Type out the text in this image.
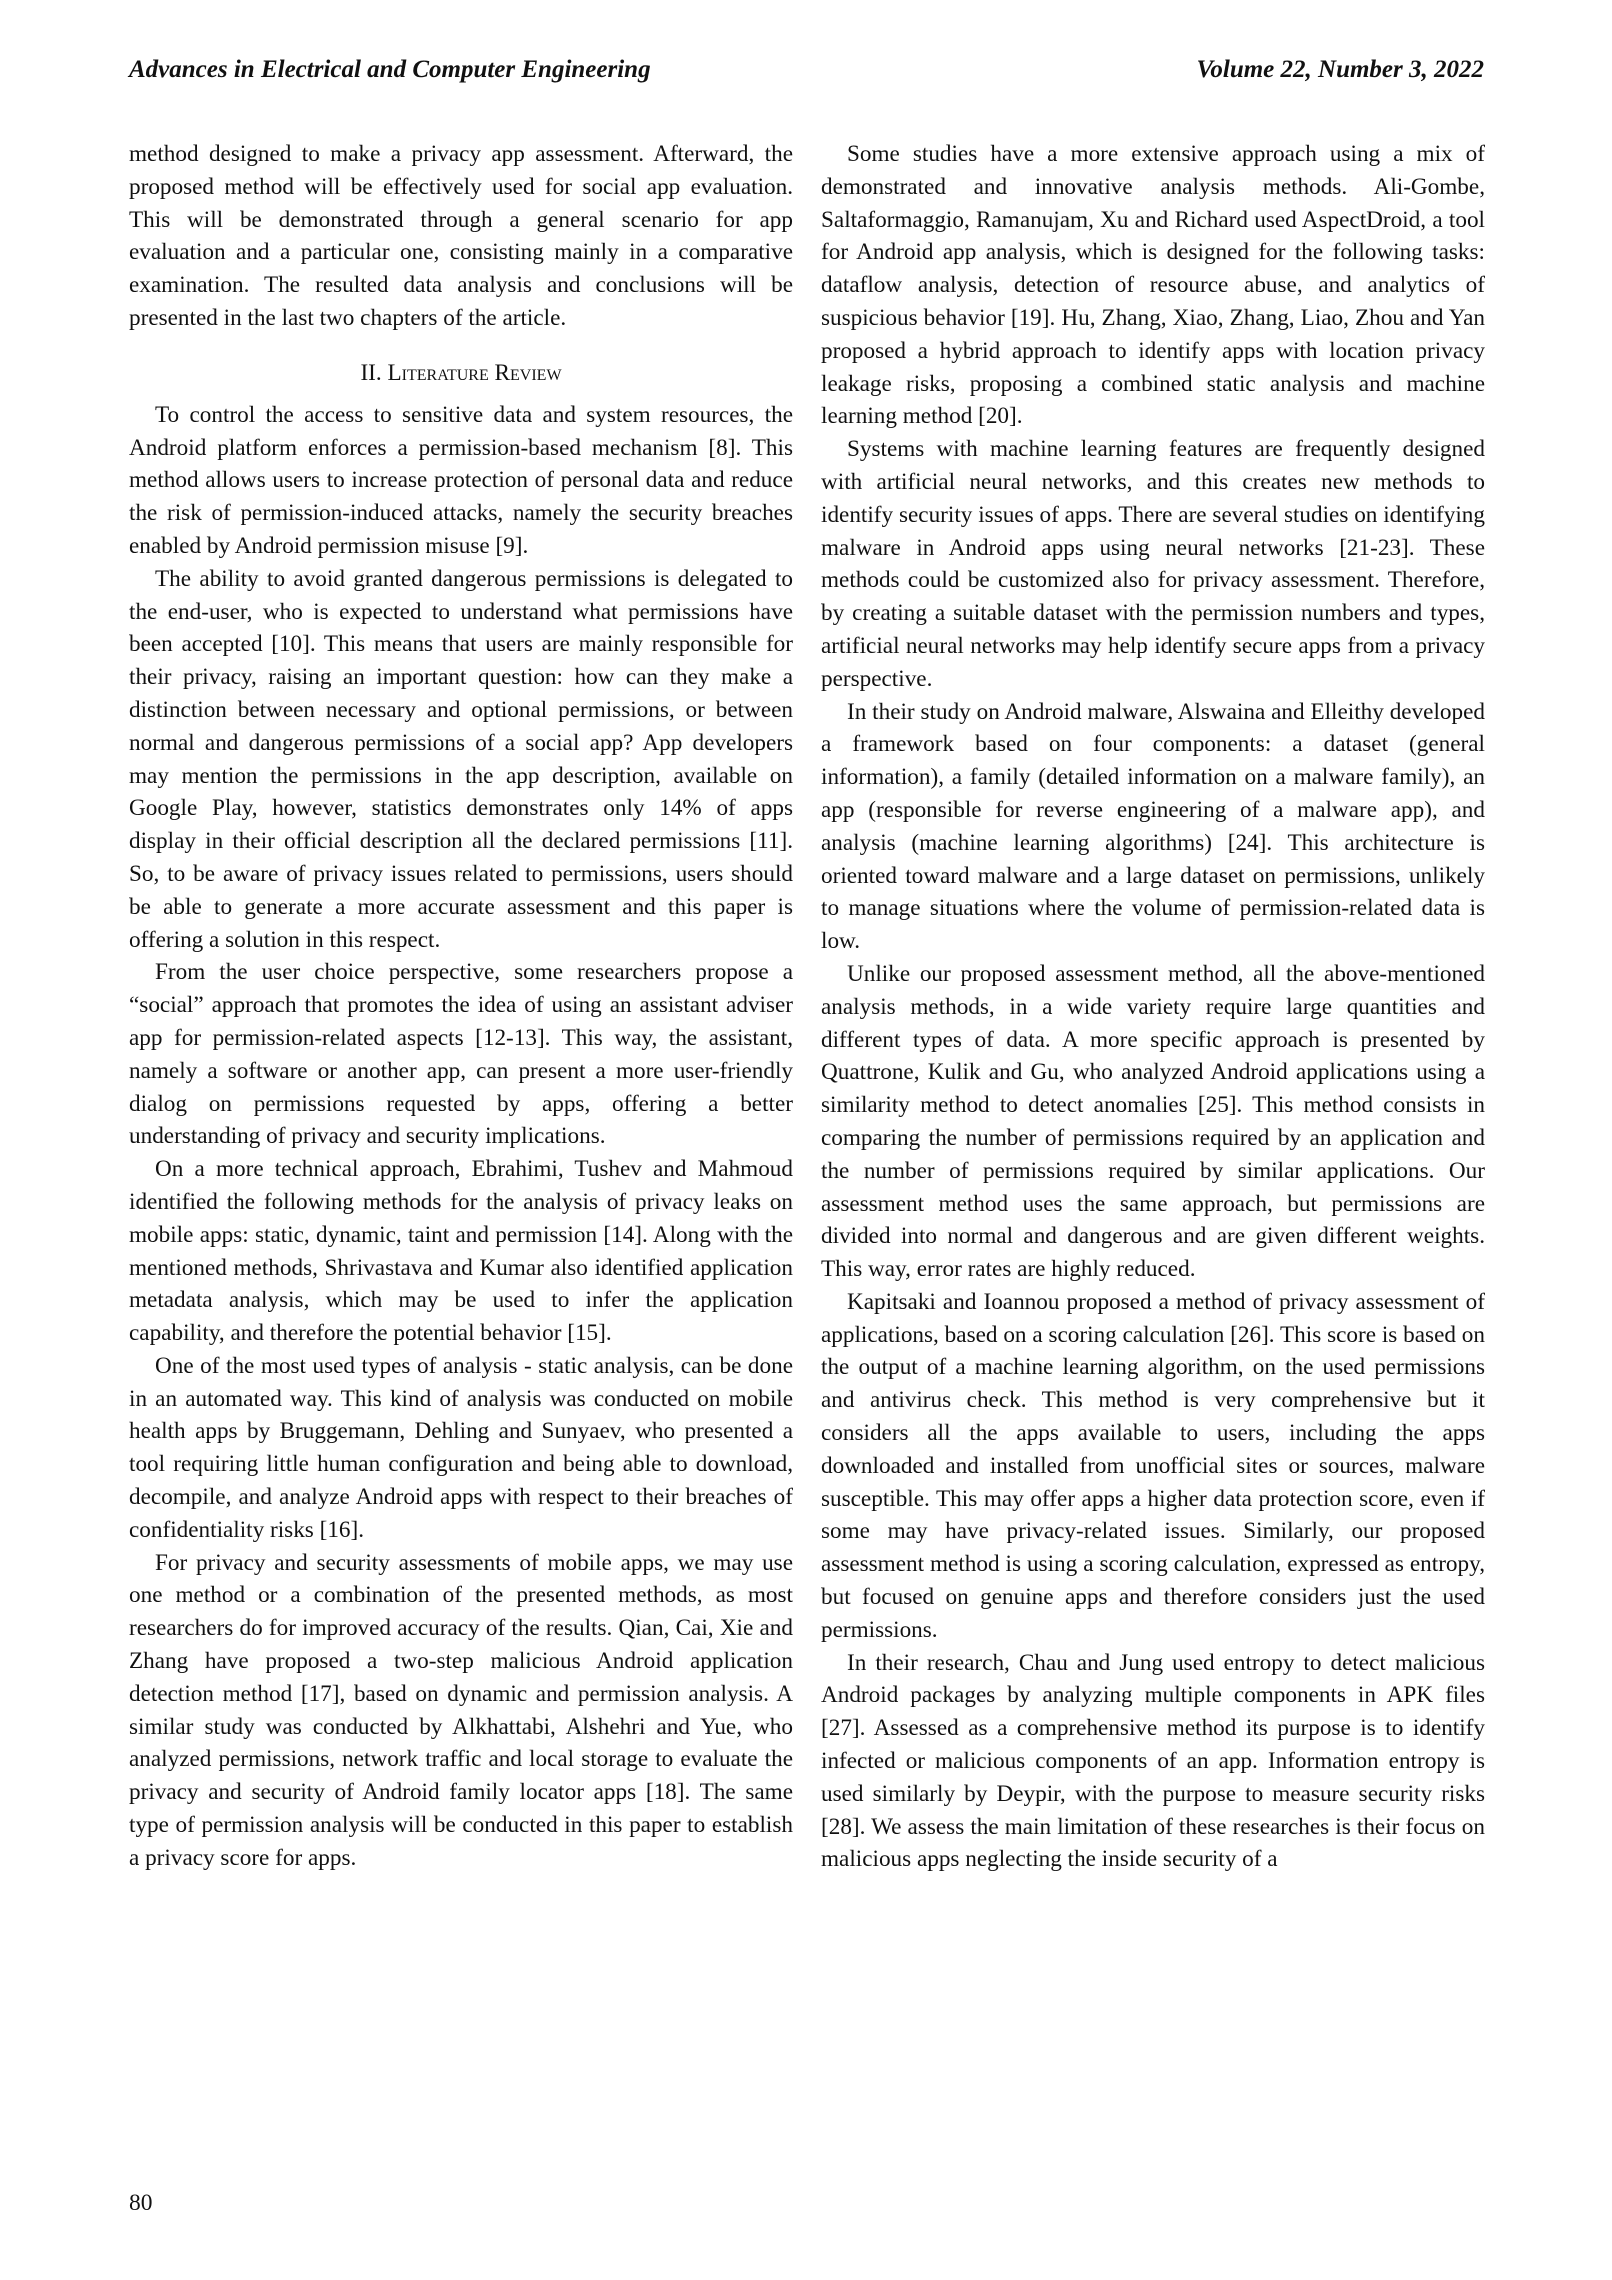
Advances in Electrical and Computer Engineering	Volume 22, Number 3, 2022

method designed to make a privacy app assessment. Afterward, the proposed method will be effectively used for social app evaluation. This will be demonstrated through a general scenario for app evaluation and a particular one, consisting mainly in a comparative examination. The resulted data analysis and conclusions will be presented in the last two chapters of the article.

II. Literature Review

To control the access to sensitive data and system resources, the Android platform enforces a permission-based mechanism [8]. This method allows users to increase protection of personal data and reduce the risk of permission-induced attacks, namely the security breaches enabled by Android permission misuse [9].

The ability to avoid granted dangerous permissions is delegated to the end-user, who is expected to understand what permissions have been accepted [10]. This means that users are mainly responsible for their privacy, raising an important question: how can they make a distinction between necessary and optional permissions, or between normal and dangerous permissions of a social app? App developers may mention the permissions in the app description, available on Google Play, however, statistics demonstrates only 14% of apps display in their official description all the declared permissions [11]. So, to be aware of privacy issues related to permissions, users should be able to generate a more accurate assessment and this paper is offering a solution in this respect.

From the user choice perspective, some researchers propose a “social” approach that promotes the idea of using an assistant adviser app for permission-related aspects [12-13]. This way, the assistant, namely a software or another app, can present a more user-friendly dialog on permissions requested by apps, offering a better understanding of privacy and security implications.

On a more technical approach, Ebrahimi, Tushev and Mahmoud identified the following methods for the analysis of privacy leaks on mobile apps: static, dynamic, taint and permission [14]. Along with the mentioned methods, Shrivastava and Kumar also identified application metadata analysis, which may be used to infer the application capability, and therefore the potential behavior [15].

One of the most used types of analysis - static analysis, can be done in an automated way. This kind of analysis was conducted on mobile health apps by Bruggemann, Dehling and Sunyaev, who presented a tool requiring little human configuration and being able to download, decompile, and analyze Android apps with respect to their breaches of confidentiality risks [16].

For privacy and security assessments of mobile apps, we may use one method or a combination of the presented methods, as most researchers do for improved accuracy of the results. Qian, Cai, Xie and Zhang have proposed a two-step malicious Android application detection method [17], based on dynamic and permission analysis. A similar study was conducted by Alkhattabi, Alshehri and Yue, who analyzed permissions, network traffic and local storage to evaluate the privacy and security of Android family locator apps [18]. The same type of permission analysis will be conducted in this paper to establish a privacy score for apps.

Some studies have a more extensive approach using a mix of demonstrated and innovative analysis methods. Ali-Gombe, Saltaformaggio, Ramanujam, Xu and Richard used AspectDroid, a tool for Android app analysis, which is designed for the following tasks: dataflow analysis, detection of resource abuse, and analytics of suspicious behavior [19]. Hu, Zhang, Xiao, Zhang, Liao, Zhou and Yan proposed a hybrid approach to identify apps with location privacy leakage risks, proposing a combined static analysis and machine learning method [20].

Systems with machine learning features are frequently designed with artificial neural networks, and this creates new methods to identify security issues of apps. There are several studies on identifying malware in Android apps using neural networks [21-23]. These methods could be customized also for privacy assessment. Therefore, by creating a suitable dataset with the permission numbers and types, artificial neural networks may help identify secure apps from a privacy perspective.

In their study on Android malware, Alswaina and Elleithy developed a framework based on four components: a dataset (general information), a family (detailed information on a malware family), an app (responsible for reverse engineering of a malware app), and analysis (machine learning algorithms) [24]. This architecture is oriented toward malware and a large dataset on permissions, unlikely to manage situations where the volume of permission-related data is low.

Unlike our proposed assessment method, all the above-mentioned analysis methods, in a wide variety require large quantities and different types of data. A more specific approach is presented by Quattrone, Kulik and Gu, who analyzed Android applications using a similarity method to detect anomalies [25]. This method consists in comparing the number of permissions required by an application and the number of permissions required by similar applications. Our assessment method uses the same approach, but permissions are divided into normal and dangerous and are given different weights. This way, error rates are highly reduced.

Kapitsaki and Ioannou proposed a method of privacy assessment of applications, based on a scoring calculation [26]. This score is based on the output of a machine learning algorithm, on the used permissions and antivirus check. This method is very comprehensive but it considers all the apps available to users, including the apps downloaded and installed from unofficial sites or sources, malware susceptible. This may offer apps a higher data protection score, even if some may have privacy-related issues. Similarly, our proposed assessment method is using a scoring calculation, expressed as entropy, but focused on genuine apps and therefore considers just the used permissions.

In their research, Chau and Jung used entropy to detect malicious Android packages by analyzing multiple components in APK files [27]. Assessed as a comprehensive method its purpose is to identify infected or malicious components of an app. Information entropy is used similarly by Deypir, with the purpose to measure security risks [28]. We assess the main limitation of these researches is their focus on malicious apps neglecting the inside security of a

80
